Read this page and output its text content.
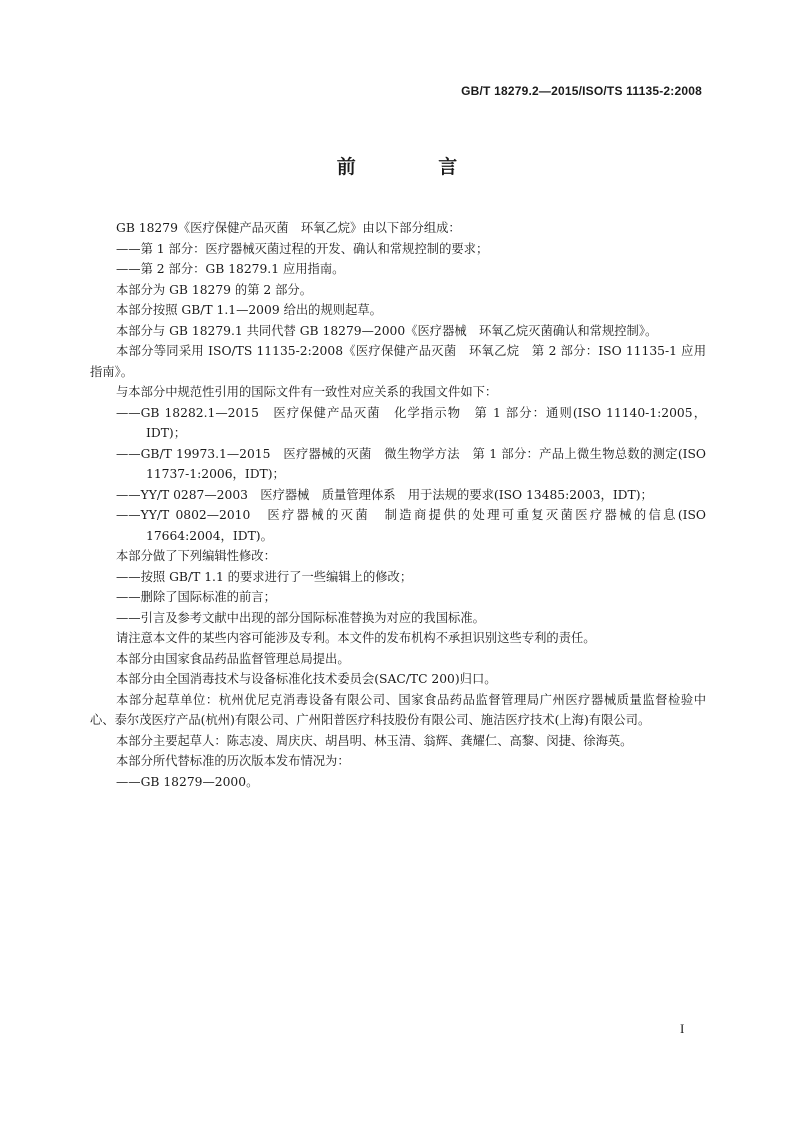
GB/T 18279.2—2015/ISO/TS 11135-2:2008
前 言

GB 18279《医疗保健产品灭菌　环氧乙烷》由以下部分组成：

——第 1 部分：医疗器械灭菌过程的开发、确认和常规控制的要求；

——第 2 部分：GB 18279.1 应用指南。

本部分为 GB 18279 的第 2 部分。

本部分按照 GB/T 1.1—2009 给出的规则起草。

本部分与 GB 18279.1 共同代替 GB 18279—2000《医疗器械　环氧乙烷灭菌确认和常规控制》。

本部分等同采用 ISO/TS 11135-2:2008《医疗保健产品灭菌　环氧乙烷　第 2 部分：ISO 11135-1 应用指南》。

与本部分中规范性引用的国际文件有一致性对应关系的我国文件如下：

——GB 18282.1—2015　医疗保健产品灭菌　化学指示物　第 1 部分：通则(ISO 11140-1:2005，IDT)；

——GB/T 19973.1—2015　医疗器械的灭菌　微生物学方法　第 1 部分：产品上微生物总数的测定(ISO 11737-1:2006，IDT)；

——YY/T 0287—2003　医疗器械　质量管理体系　用于法规的要求(ISO 13485:2003，IDT)；

——YY/T 0802—2010　医疗器械的灭菌　制造商提供的处理可重复灭菌医疗器械的信息(ISO 17664:2004，IDT)。

本部分做了下列编辑性修改：

——按照 GB/T 1.1 的要求进行了一些编辑上的修改；

——删除了国际标准的前言；

——引言及参考文献中出现的部分国际标准替换为对应的我国标准。

请注意本文件的某些内容可能涉及专利。本文件的发布机构不承担识别这些专利的责任。

本部分由国家食品药品监督管理总局提出。

本部分由全国消毒技术与设备标准化技术委员会(SAC/TC 200)归口。

本部分起草单位：杭州优尼克消毒设备有限公司、国家食品药品监督管理局广州医疗器械质量监督检验中心、泰尔茂医疗产品(杭州)有限公司、广州阳普医疗科技股份有限公司、施洁医疗技术(上海)有限公司。

本部分主要起草人：陈志凌、周庆庆、胡昌明、林玉清、翁辉、龚耀仁、高黎、闵捷、徐海英。

本部分所代替标准的历次版本发布情况为：

——GB 18279—2000。

I
